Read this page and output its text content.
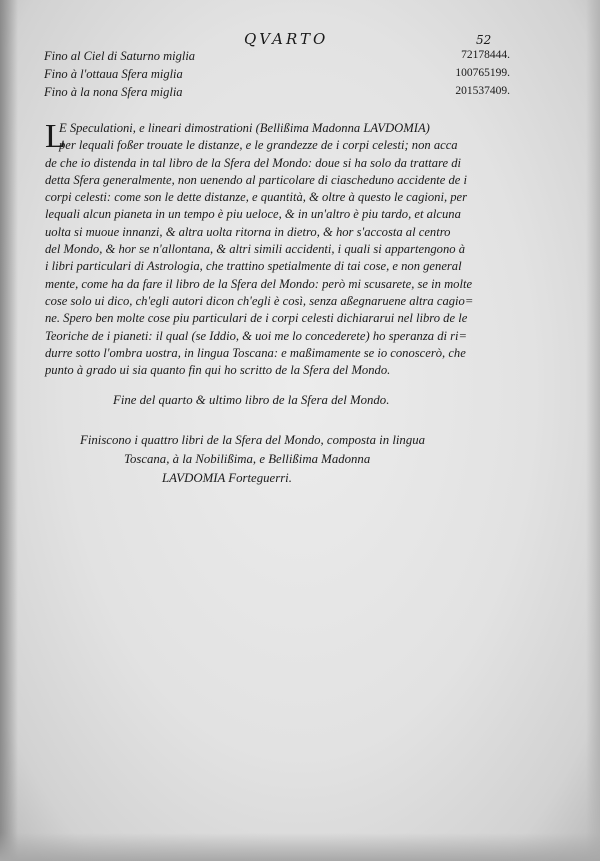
QVARTO	52
Fino al Ciel di Saturno miglia	72178444.
Fino à l'ottaua Sfera miglia	100765199.
Fino à la nona Sfera miglia	201537409.
L
E Speculationi, e lineari dimostrationi (Bellißima Madonna LAVDOMIA)
per lequali foßer trouate le distanze, e le grandezze de i corpi celesti; non acca
de che io distenda in tal libro de la Sfera del Mondo: doue si ha solo da trattare di
detta Sfera generalmente, non uenendo al particolare di ciascheduno accidente de i
corpi celesti: come son le dette distanze, e quantità, & oltre à questo le cagioni, per
lequali alcun pianeta in un tempo è piu ueloce, & in un'altro è piu tardo, et alcuna
uolta si muoue innanzi, & altra uolta ritorna in dietro, & hor s'accosta al centro
del Mondo, & hor se n'allontana, & altri simili accidenti, i quali si appartengono à
i libri particulari di Astrologia, che trattino spetialmente di tai cose, e non general
mente, come ha da fare il libro de la Sfera del Mondo: però mi scusarete, se in molte
cose solo ui dico, ch'egli autori dicon ch'egli è così, senza aßegnaruene altra cagio=
ne. Spero ben molte cose piu particulari de i corpi celesti dichiararui nel libro de le
Teoriche de i pianeti: il qual (se Iddio, & uoi me lo concederete) ho speranza di ri=
durre sotto l'ombra uostra, in lingua Toscana: e maßimamente se io conoscerò, che
punto à grado ui sia quanto fin qui ho scritto de la Sfera del Mondo.
Fine del quarto & ultimo libro de la Sfera del Mondo.
Finiscono i quattro libri de la Sfera del Mondo, composta in lingua
Toscana, à la Nobilißima, e Bellißima Madonna
LAVDOMIA Forteguerri.
